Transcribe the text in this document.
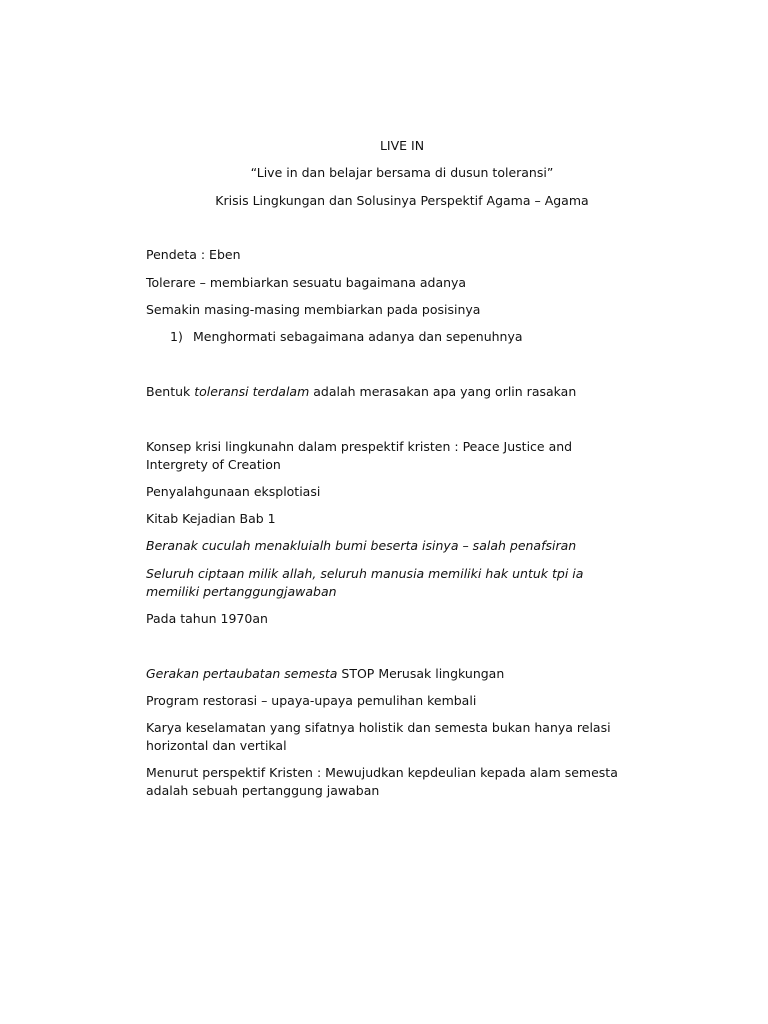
LIVE IN
“Live in dan belajar bersama di dusun toleransi”
Krisis Lingkungan dan Solusinya Perspektif Agama – Agama
Pendeta : Eben
Tolerare – membiarkan sesuatu bagaimana adanya
Semakin masing-masing membiarkan pada posisinya
1) Menghormati sebagaimana adanya dan sepenuhnya
Bentuk toleransi terdalam adalah merasakan apa yang orlin rasakan
Konsep krisi lingkunahn dalam prespektif kristen : Peace Justice and Intergrety of Creation
Penyalahgunaan eksplotiasi
Kitab Kejadian Bab 1
Beranak cuculah menakluialh bumi beserta isinya – salah penafsiran
Seluruh ciptaan milik allah, seluruh manusia memiliki hak untuk tpi ia memiliki pertanggungjawaban
Pada tahun 1970an
Gerakan pertaubatan semesta STOP Merusak lingkungan
Program restorasi – upaya-upaya pemulihan kembali
Karya keselamatan yang sifatnya holistik dan semesta bukan hanya relasi horizontal dan vertikal
Menurut perspektif Kristen : Mewujudkan kepdeulian kepada alam semesta adalah sebuah pertanggung jawaban
